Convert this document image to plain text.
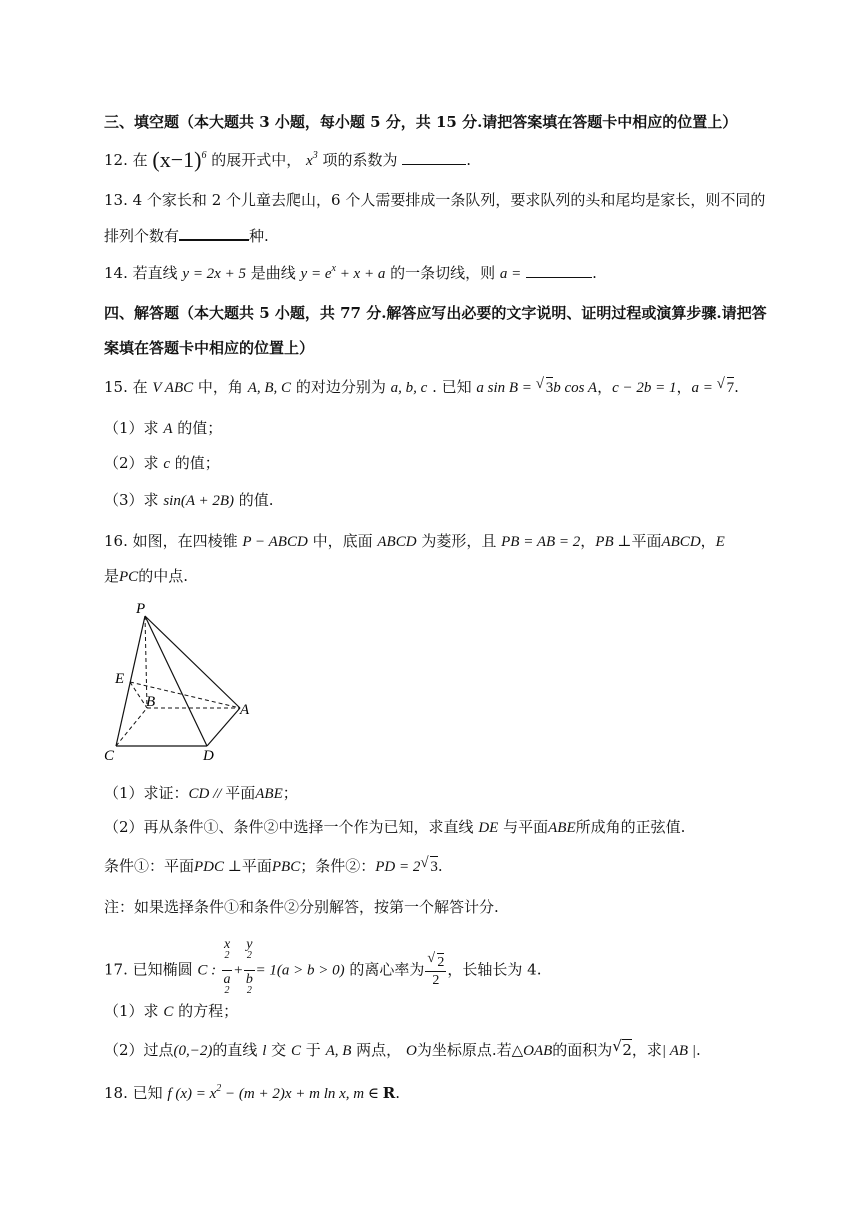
三、填空题（本大题共 3 小题，每小题 5 分，共 15 分.请把答案填在答题卡中相应的位置上）
12. 在 $(x-1)^6$ 的展开式中， $x^3$ 项的系数为	.
13. 4 个家长和 2 个儿童去爬山，6 个人需要排成一条队列，要求队列的头和尾均是家长，则不同的
排列个数有	种.
14. 若直线 y = 2x + 5 是曲线 $y = e^x + x + a$ 的一条切线，则 a =	.
四、解答题（本大题共 5 小题，共 77 分.解答应写出必要的文字说明、证明过程或演算步骤.请把答
案填在答题卡中相应的位置上）
15. 在 V ABC 中，角 A, B, C 的对边分别为 a, b, c . 已知 a sin B = √ 3b cos A，c − 2b = 1，a = √ 7.
（1）求 A 的值；
（2）求 c 的值；
（3）求 sin(A + 2B) 的值.
16. 如图，在四棱锥 P − ABCD 中，底面 ABCD 为菱形，且 PB = AB = 2，PB ⊥平面ABCD，E
是PC的中点.
P
E
B	A
C	D
（1）求证：CD // 平面ABE；
（2）再从条件①、条件②中选择一个作为已知，求直线 DE 与平面ABE所成角的正弦值.
条件①：平面PDC ⊥平面PBC；条件②：PD = 2 √ 3.
注：如果选择条件①和条件②分别解答，按第一个解答计分.
17. 已知椭圆 C : x
$^2$
a
$^2$ + y
$^2$
b
$^2$ = 1(a > b > 0) 的离心率为 $\frac{√ 2}{2}$ ，长轴长为 4.
（1）求 C 的方程；
（2）过点(0,−2)的直线 l 交 C 于 A, B 两点， O为坐标原点.若△OAB的面积为 √ 2，求| AB |.
18. 已知 f $(x) = x^2 - (m + 2)x + m$ ln x, m ∈ R.
